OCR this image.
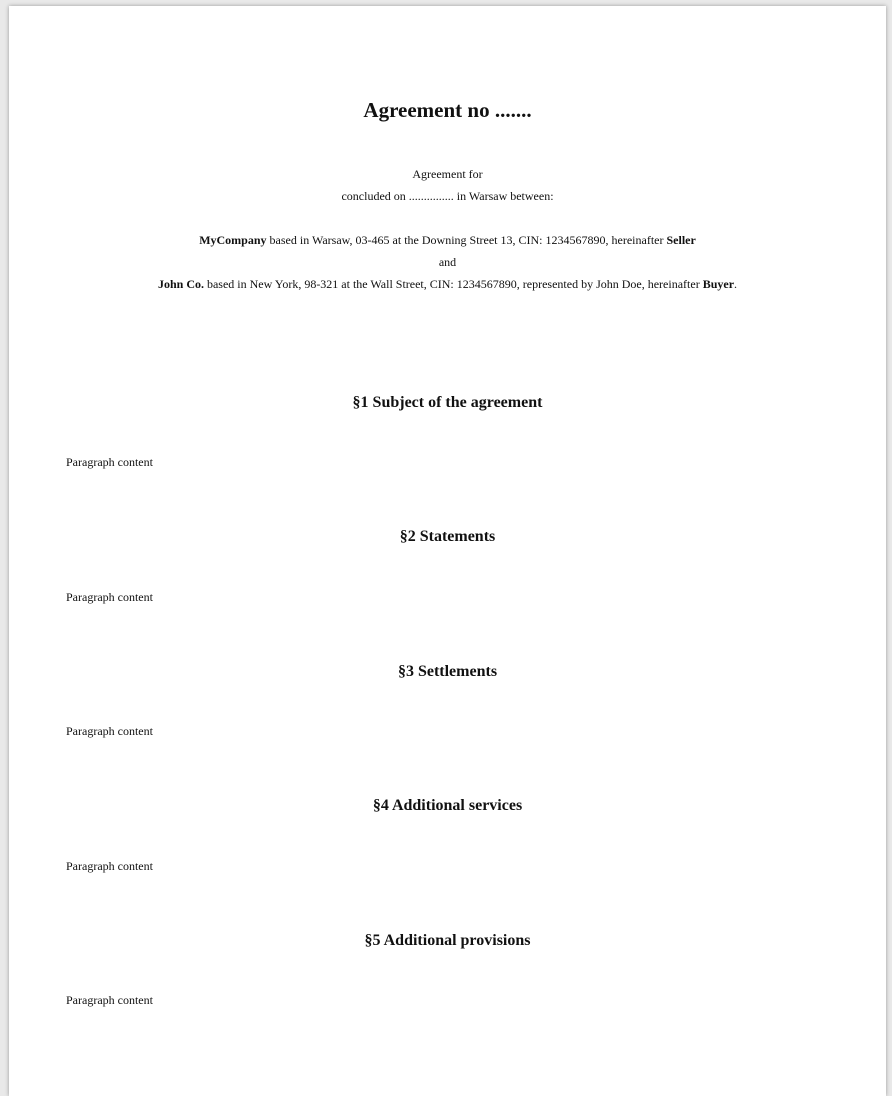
Agreement no .......
Agreement for
concluded on ............... in Warsaw between:
MyCompany based in Warsaw, 03-465 at the Downing Street 13, CIN: 1234567890, hereinafter Seller
and
John Co. based in New York, 98-321 at the Wall Street, CIN: 1234567890, represented by John Doe, hereinafter Buyer.
§1 Subject of the agreement

Paragraph content

§2 Statements

Paragraph content

§3 Settlements

Paragraph content

§4 Additional services

Paragraph content

§5 Additional provisions

Paragraph content
